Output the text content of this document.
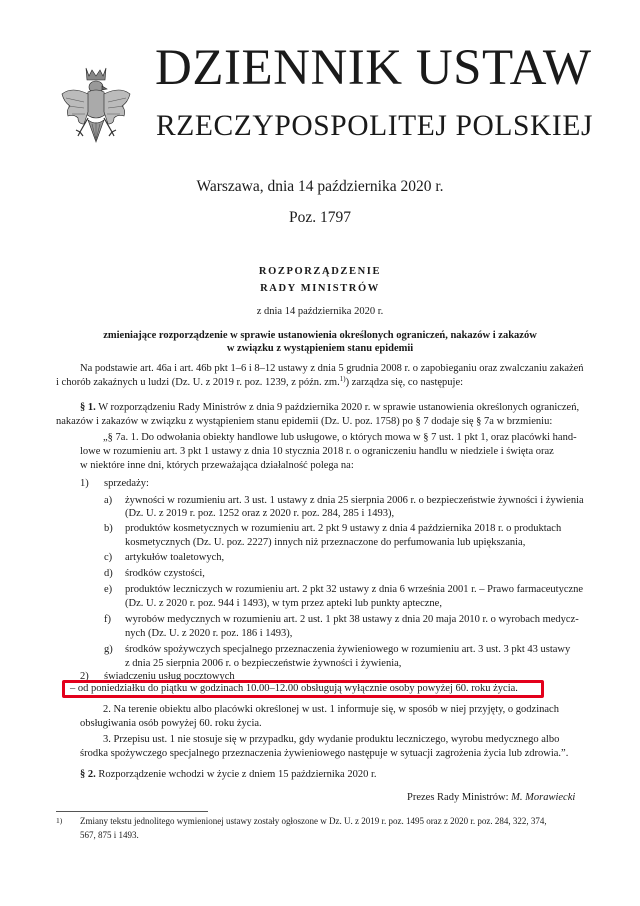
DZIENNIK USTAW
RZECZYPOSPOLITEJ POLSKIEJ
Warszawa, dnia 14 października 2020 r.
Poz. 1797
ROZPORZĄDZENIE
RADY MINISTRÓW
z dnia 14 października 2020 r.
zmieniające rozporządzenie w sprawie ustanowienia określonych ograniczeń, nakazów i zakazów
w związku z wystąpieniem stanu epidemii
Na podstawie art. 46a i art. 46b pkt 1–6 i 8–12 ustawy z dnia 5 grudnia 2008 r. o zapobieganiu oraz zwalczaniu zakażeń
i chorób zakaźnych u ludzi (Dz. U. z 2019 r. poz. 1239, z późn. zm.$^{1)}$) zarządza się, co następuje:
§ 1. W rozporządzeniu Rady Ministrów z dnia 9 października 2020 r. w sprawie ustanowienia określonych ograniczeń,
nakazów i zakazów w związku z wystąpieniem stanu epidemii (Dz. U. poz. 1758) po § 7 dodaje się § 7a w brzmieniu:
„§ 7a. 1. Do odwołania obiekty handlowe lub usługowe, o których mowa w § 7 ust. 1 pkt 1, oraz placówki hand-
lowe w rozumieniu art. 3 pkt 1 ustawy z dnia 10 stycznia 2018 r. o ograniczeniu handlu w niedziele i święta oraz
w niektóre inne dni, których przeważająca działalność polega na:
1) sprzedaży:
a) żywności w rozumieniu art. 3 ust. 1 ustawy z dnia 25 sierpnia 2006 r. o bezpieczeństwie żywności i żywienia
(Dz. U. z 2019 r. poz. 1252 oraz z 2020 r. poz. 284, 285 i 1493),
b) produktów kosmetycznych w rozumieniu art. 2 pkt 9 ustawy z dnia 4 października 2018 r. o produktach
kosmetycznych (Dz. U. poz. 2227) innych niż przeznaczone do perfumowania lub upiększania,
c) artykułów toaletowych,
d) środków czystości,
e) produktów leczniczych w rozumieniu art. 2 pkt 32 ustawy z dnia 6 września 2001 r. – Prawo farmaceutyczne
(Dz. U. z 2020 r. poz. 944 i 1493), w tym przez apteki lub punkty apteczne,
f) wyrobów medycznych w rozumieniu art. 2 ust. 1 pkt 38 ustawy z dnia 20 maja 2010 r. o wyrobach medycz-
nych (Dz. U. z 2020 r. poz. 186 i 1493),
g) środków spożywczych specjalnego przeznaczenia żywieniowego w rozumieniu art. 3 ust. 3 pkt 43 ustawy
z dnia 25 sierpnia 2006 r. o bezpieczeństwie żywności i żywienia,
2) świadczeniu usług pocztowych
– od poniedziałku do piątku w godzinach 10.00–12.00 obsługują wyłącznie osoby powyżej 60. roku życia.
2. Na terenie obiektu albo placówki określonej w ust. 1 informuje się, w sposób w niej przyjęty, o godzinach
obsługiwania osób powyżej 60. roku życia.
3. Przepisu ust. 1 nie stosuje się w przypadku, gdy wydanie produktu leczniczego, wyrobu medycznego albo
środka spożywczego specjalnego przeznaczenia żywieniowego następuje w sytuacji zagrożenia życia lub zdrowia.”.
§ 2. Rozporządzenie wchodzi w życie z dniem 15 października 2020 r.
Prezes Rady Ministrów: M. Morawiecki
1) Zmiany tekstu jednolitego wymienionej ustawy zostały ogłoszone w Dz. U. z 2019 r. poz. 1495 oraz z 2020 r. poz. 284, 322, 374,
567, 875 i 1493.
